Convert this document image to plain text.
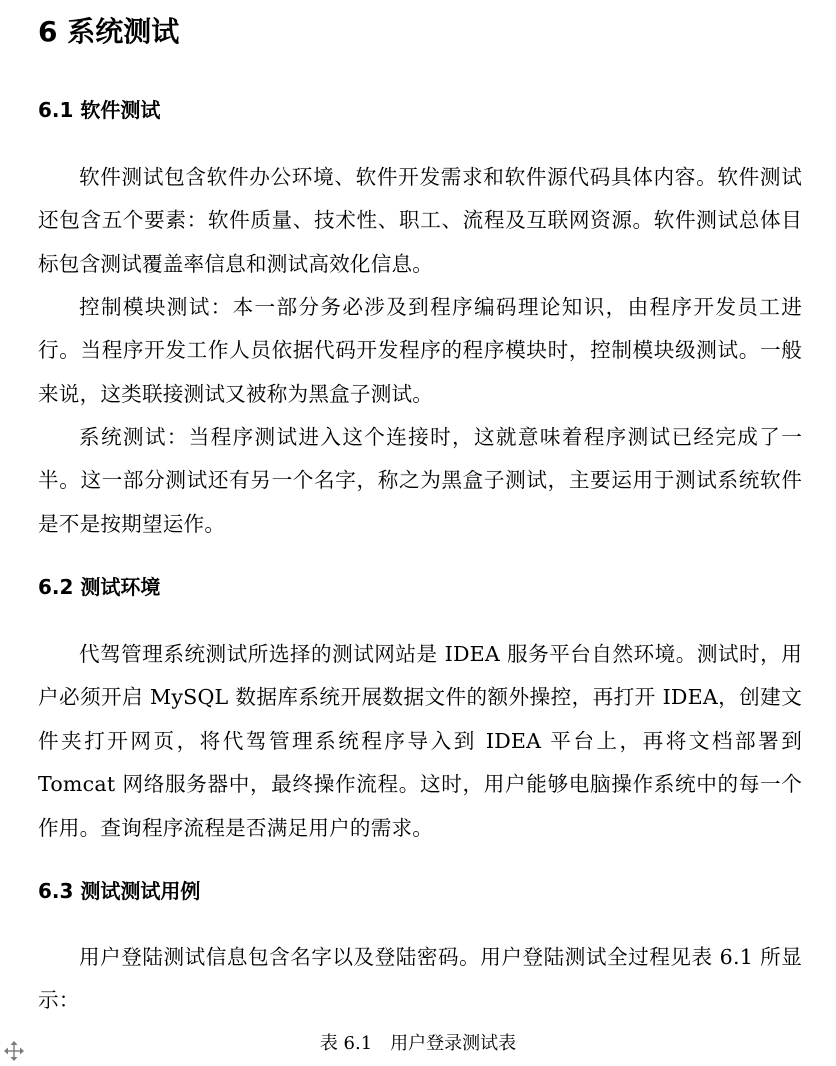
6 系统测试
6.1 软件测试

软件测试包含软件办公环境、软件开发需求和软件源代码具体内容。软件测试还包含五个要素：软件质量、技术性、职工、流程及互联网资源。软件测试总体目标包含测试覆盖率信息和测试高效化信息。

控制模块测试：本一部分务必涉及到程序编码理论知识，由程序开发员工进行。当程序开发工作人员依据代码开发程序的程序模块时，控制模块级测试。一般来说，这类联接测试又被称为黑盒子测试。

系统测试：当程序测试进入这个连接时，这就意味着程序测试已经完成了一半。这一部分测试还有另一个名字，称之为黑盒子测试，主要运用于测试系统软件是不是按期望运作。

6.2 测试环境

代驾管理系统测试所选择的测试网站是 IDEA 服务平台自然环境。测试时，用户必须开启 MySQL 数据库系统开展数据文件的额外操控，再打开 IDEA，创建文件夹打开网页，将代驾管理系统程序导入到 IDEA 平台上，再将文档部署到 Tomcat 网络服务器中，最终操作流程。这时，用户能够电脑操作系统中的每一个作用。查询程序流程是否满足用户的需求。

6.3 测试测试用例

用户登陆测试信息包含名字以及登陆密码。用户登陆测试全过程见表 6.1 所显示：

表 6.1　用户登录测试表
